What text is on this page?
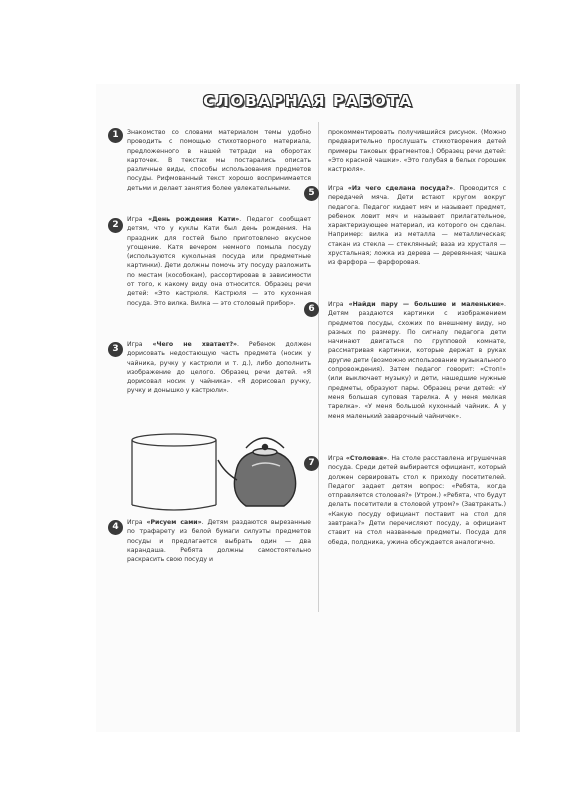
СЛОВАРНАЯ РАБОТА
1	Знакомство со словами материалом темы удобно проводить с помощью стихотворного материала, предложенного в нашей тетради на оборотах карточек. В текстах мы постарались описать различные виды, способы использования предметов посуды. Рифмованный текст хорошо воспринимается детьми и делает занятия более увлекательными.
2
Игра «День рождения Кати». Педагог сообщает детям, что у куклы Кати был день рождения. На праздник для гостей было приготовлено вкусное угощение. Катя вечером немного помыла посуду (используются кукольная посуда или предметные картинки). Дети должны помочь эту посуду разложить по местам (кособокам), рассортировав в зависимости от того, к какому виду она относится. Образец речи детей: «Это кастрюля. Кастрюля — это кухонная посуда. Это вилка. Вилка — это столовый прибор».
3	Игра «Чего не хватает?». Ребенок должен дорисовать недостающую часть предмета (носик у чайника, ручку у кастрюли и т. д.), либо дополнить изображение до целого. Образец речи детей. «Я дорисовал носик у чайника». «Я дорисовал ручку, ручку и донышко у кастрюли».
4	Игра «Рисуем сами». Детям раздаются вырезанные по трафарету из белой бумаги силуэты предметов посуды и предлагается выбрать один — два карандаша. Ребята должны самостоятельно раскрасить свою посуду и
прокомментировать получившийся рисунок. (Можно предварительно прослушать стихотворения детей примеры таковых фрагментов.) Образец речи детей: «Это красной чашки». «Это голубая в белых горошек кастрюля».
5	Игра «Из чего сделана посуда?». Проводится с передачей мяча. Дети встают кругом вокруг педагога. Педагог кидает мяч и называет предмет, ребенок ловит мяч и называет прилагательное, характеризующее материал, из которого он сделан. Например: вилка из металла — металлическая; стакан из стекла — стеклянный; ваза из хрусталя — хрустальная; ложка из дерева — деревянная; чашка из фарфора — фарфоровая.
6	Игра «Найди пару — большие и маленькие». Детям раздаются картинки с изображением предметов посуды, схожих по внешнему виду, но разных по размеру. По сигналу педагога дети начинают двигаться по групповой комнате, рассматривая картинки, которые держат в руках другие дети (возможно использование музыкального сопровождения). Затем педагог говорит: «Стоп!» (или выключает музыку) и дети, нашедшие нужные предметы, образуют пары. Образец речи детей: «У меня большая суповая тарелка. А у меня мелкая тарелка». «У меня большой кухонный чайник. А у меня маленький заварочный чайничек».
7	Игра «Столовая». На столе расставлена игрушечная посуда. Среди детей выбирается официант, который должен сервировать стол к приходу посетителей. Педагог задает детям вопрос: «Ребята, когда отправляется столовая?» (Утром.) «Ребята, что будут делать посетители в столовой утром?» (Завтракать.) «Какую посуду официант поставит на стол для завтрака?» Дети перечисляют посуду, а официант ставит на стол названные предметы. Посуда для обеда, полдника, ужина обсуждается аналогично.
